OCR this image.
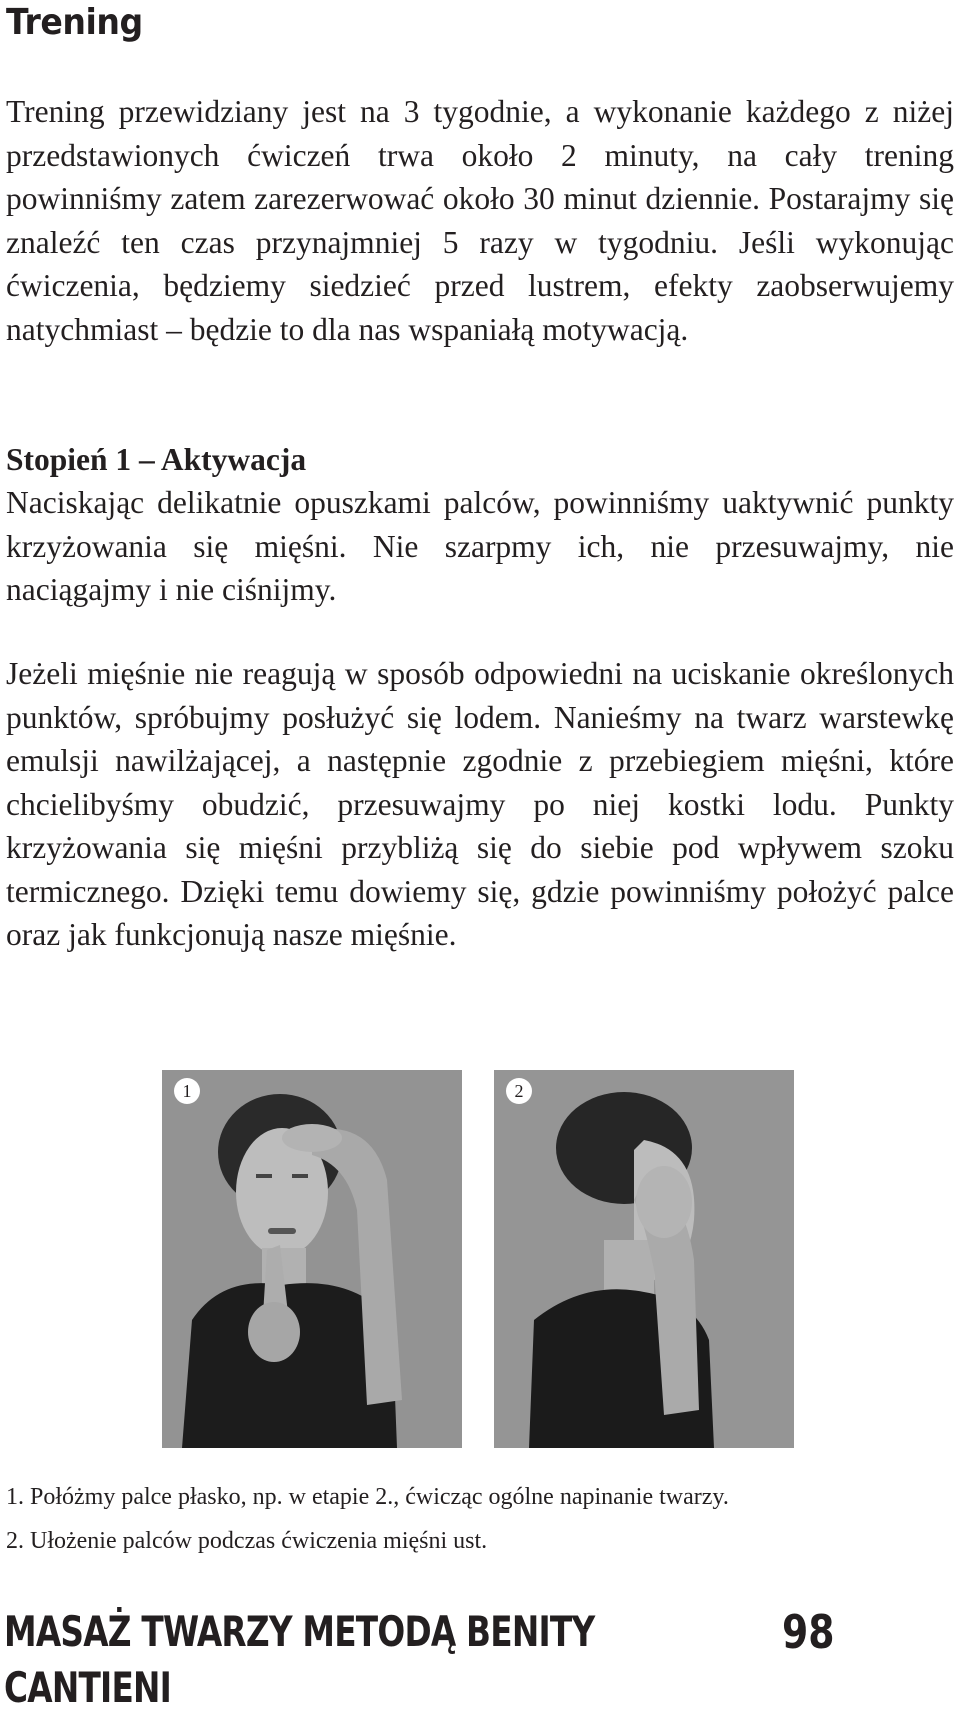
Trening

Trening przewidziany jest na 3 tygodnie, a wykonanie każdego z niżej przedstawionych ćwiczeń trwa około 2 minuty, na cały trening powinniśmy zatem zarezerwować około 30 minut dziennie. Postarajmy się znaleźć ten czas przynajmniej 5 razy w tygodniu. Jeśli wykonując ćwiczenia, będziemy siedzieć przed lustrem, efekty zaobserwujemy natychmiast – będzie to dla nas wspaniałą motywacją.

Stopień 1 – Aktywacja

Naciskając delikatnie opuszkami palców, powinniśmy uaktywnić punkty krzyżowania się mięśni. Nie szarpmy ich, nie przesuwajmy, nie naciągajmy i nie ciśnijmy.

Jeżeli mięśnie nie reagują w sposób odpowiedni na uciskanie określonych punktów, spróbujmy posłużyć się lodem. Nanieśmy na twarz warstewkę emulsji nawilżającej, a następnie zgodnie z przebiegiem mięśni, które chcielibyśmy obudzić, przesuwajmy po niej kostki lodu. Punkty krzyżowania się mięśni przybliżą się do siebie pod wpływem szoku termicznego. Dzięki temu dowiemy się, gdzie powinniśmy położyć palce oraz jak funkcjonują nasze mięśnie.

1	2

1. Połóżmy palce płasko, np. w etapie 2., ćwicząc ogólne napinanie twarzy.

2. Ułożenie palców podczas ćwiczenia mięśni ust.

MASAŻ TWARZY METODĄ BENITY CANTIENI
98
